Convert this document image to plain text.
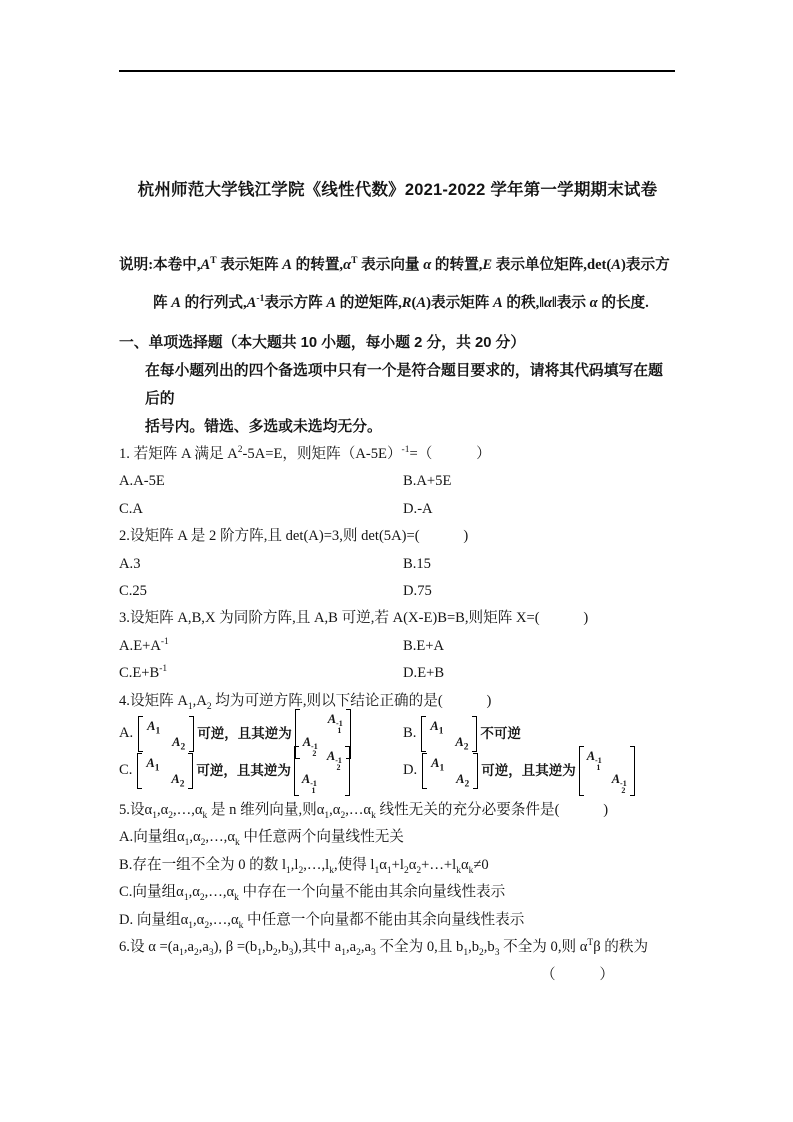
杭州师范大学钱江学院《线性代数》2021-2022 学年第一学期期末试卷
说明:本卷中$,A^T$ 表示矩阵 A 的转置$,\alpha^T$ 表示向量 α 的转置,E 表示单位矩阵,det(A)表示方
阵 A 的行列式$,A^{-1}$表示方阵 A 的逆矩阵,R(A)表示矩阵 A 的秩,‖α‖表示 α 的长度.
一、单项选择题（本大题共 10 小题，每小题 2 分，共 20 分）
在每小题列出的四个备选项中只有一个是符合题目要求的，请将其代码填写在题后的
括号内。错选、多选或未选均无分。
1. 若矩阵 A 满足 $A^2-5A=E$，则矩阵$(A-5E)^{-1}=$（　　　）
A.A-5E	B.A+5E
C.A	D.-A
2.设矩阵 A 是 2 阶方阵,且 det(A)=3,则 det(5A)=(　　　)
A.3	B.15
C.25	D.75
3.设矩阵 A,B,X 为同阶方阵,且 A,B 可逆,若 A(X-E)B=B,则矩阵 X=(　　　)
$A.E+A^{-1}$	B.E+A
$C.E+B^{-1}$	D.E+B
4.设矩阵 $A_1,A_2$ 均为可逆方阵,则以下结论正确的是(　　　)
A. $A_1$
$A_2$
可逆，且其逆为
A -1
1
A -1
2
B. $A_1$
$A_2$
不可逆
C. $A_1$
$A_2$
可逆，且其逆为
A -1
2
A -1
1
D. $A_1$
$A_2$
可逆，且其逆为
A -1
1
A -1
2
5.设$\alpha_1,\alpha_2,\dots,\alpha_k$ 是 n 维列向量,则$\alpha_1,\alpha_2,\dots\alpha_k$ 线性无关的充分必要条件是(　　　)
A.向量组$\alpha_1,\alpha_2,\dots,\alpha_k$ 中任意两个向量线性无关
B.存在一组不全为 0 的数 $l_1,l_2,\dots,l_k$,使得 $l_1\alpha_1+l_2\alpha_2+\dots+l_k\alpha_k\ne 0$
C.向量组$\alpha_1,\alpha_2,\dots,\alpha_k$ 中存在一个向量不能由其余向量线性表示
D. 向量组$\alpha_1,\alpha_2,\dots,\alpha_k$ 中任意一个向量都不能由其余向量线性表示
6.设 $\alpha =(a_1,a_2,a_3)$, $\beta =(b_1,b_2,b_3)$,其中 $a_1,a_2,a_3$ 不全为 0,且 $b_1,b_2,b_3$ 不全为 0,则 $\alpha^T\beta$ 的秩为
（　　　）
